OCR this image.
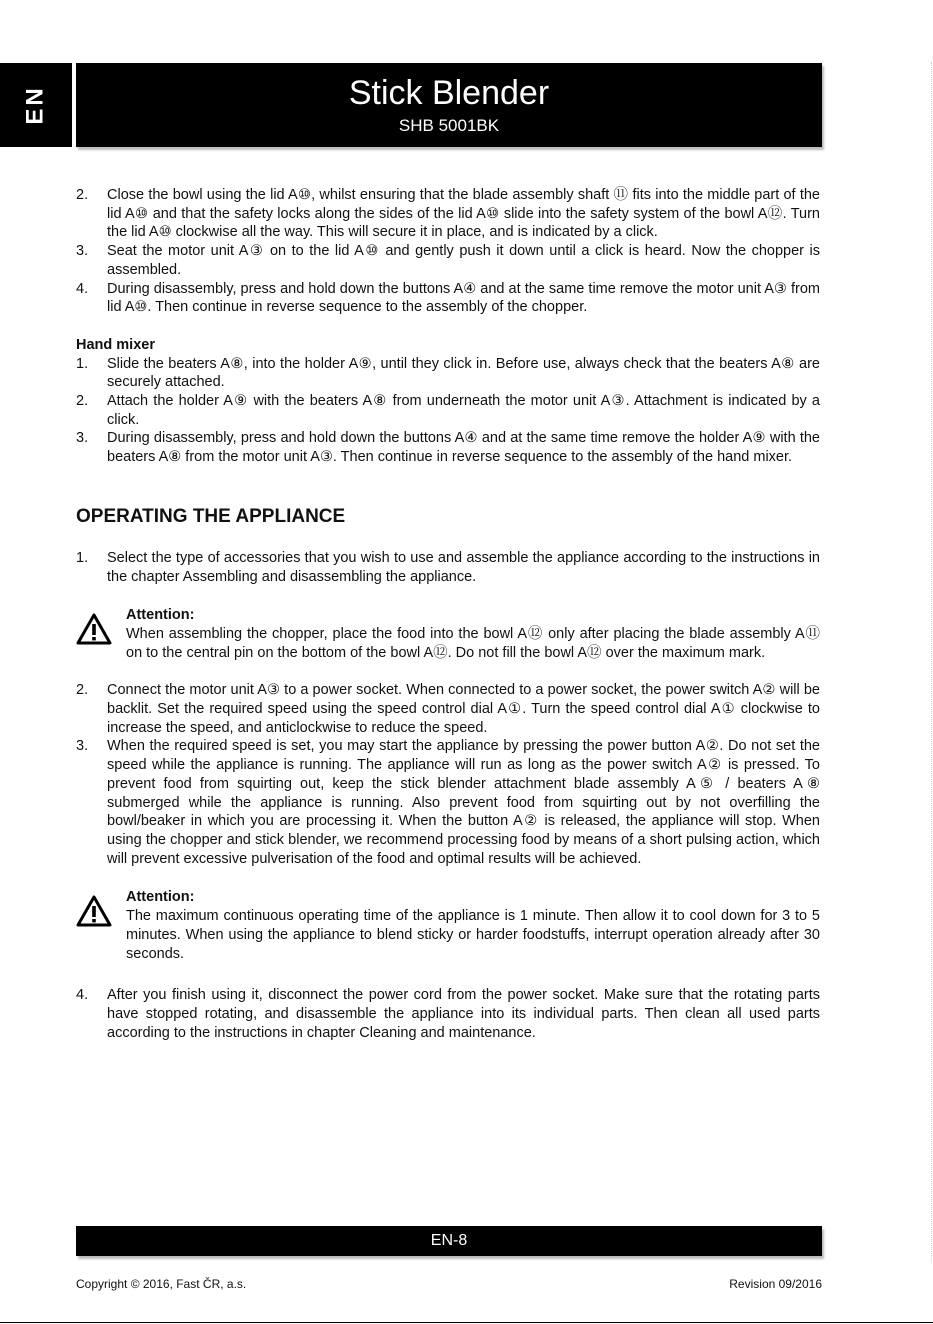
EN	Stick Blender
SHB 5001BK
2.	Close the bowl using the lid A⑩, whilst ensuring that the blade assembly shaft ⑪ fits into the middle part of the lid A⑩ and that the safety locks along the sides of the lid A⑩ slide into the safety system of the bowl A⑫. Turn the lid A⑩ clockwise all the way. This will secure it in place, and is indicated by a click.
3.	Seat the motor unit A③ on to the lid A⑩ and gently push it down until a click is heard. Now the chopper is assembled.
4.	During disassembly, press and hold down the buttons A④ and at the same time remove the motor unit A③ from lid A⑩. Then continue in reverse sequence to the assembly of the chopper.
Hand mixer
1.	Slide the beaters A⑧, into the holder A⑨, until they click in. Before use, always check that the beaters A⑧ are securely attached.
2.	Attach the holder A⑨ with the beaters A⑧ from underneath the motor unit A③. Attachment is indicated by a click.
3.	During disassembly, press and hold down the buttons A④ and at the same time remove the holder A⑨ with the beaters A⑧ from the motor unit A③. Then continue in reverse sequence to the assembly of the hand mixer.
OPERATING THE APPLIANCE
1.	Select the type of accessories that you wish to use and assemble the appliance according to the instructions in the chapter Assembling and disassembling the appliance.
Attention:
When assembling the chopper, place the food into the bowl A⑫ only after placing the blade assembly A⑪ on to the central pin on the bottom of the bowl A⑫. Do not fill the bowl A⑫ over the maximum mark.
2.	Connect the motor unit A③ to a power socket. When connected to a power socket, the power switch A② will be backlit. Set the required speed using the speed control dial A①. Turn the speed control dial A① clockwise to increase the speed, and anticlockwise to reduce the speed.
3.	When the required speed is set, you may start the appliance by pressing the power button A②. Do not set the speed while the appliance is running. The appliance will run as long as the power switch A② is pressed. To prevent food from squirting out, keep the stick blender attachment blade assembly A⑤ / beaters A⑧ submerged while the appliance is running. Also prevent food from squirting out by not overfilling the bowl/beaker in which you are processing it. When the button A② is released, the appliance will stop. When using the chopper and stick blender, we recommend processing food by means of a short pulsing action, which will prevent excessive pulverisation of the food and optimal results will be achieved.
Attention:
The maximum continuous operating time of the appliance is 1 minute. Then allow it to cool down for 3 to 5 minutes. When using the appliance to blend sticky or harder foodstuffs, interrupt operation already after 30 seconds.
4.	After you finish using it, disconnect the power cord from the power socket. Make sure that the rotating parts have stopped rotating, and disassemble the appliance into its individual parts. Then clean all used parts according to the instructions in chapter Cleaning and maintenance.
EN-8
Copyright © 2016, Fast ČR, a.s.	Revision 09/2016
